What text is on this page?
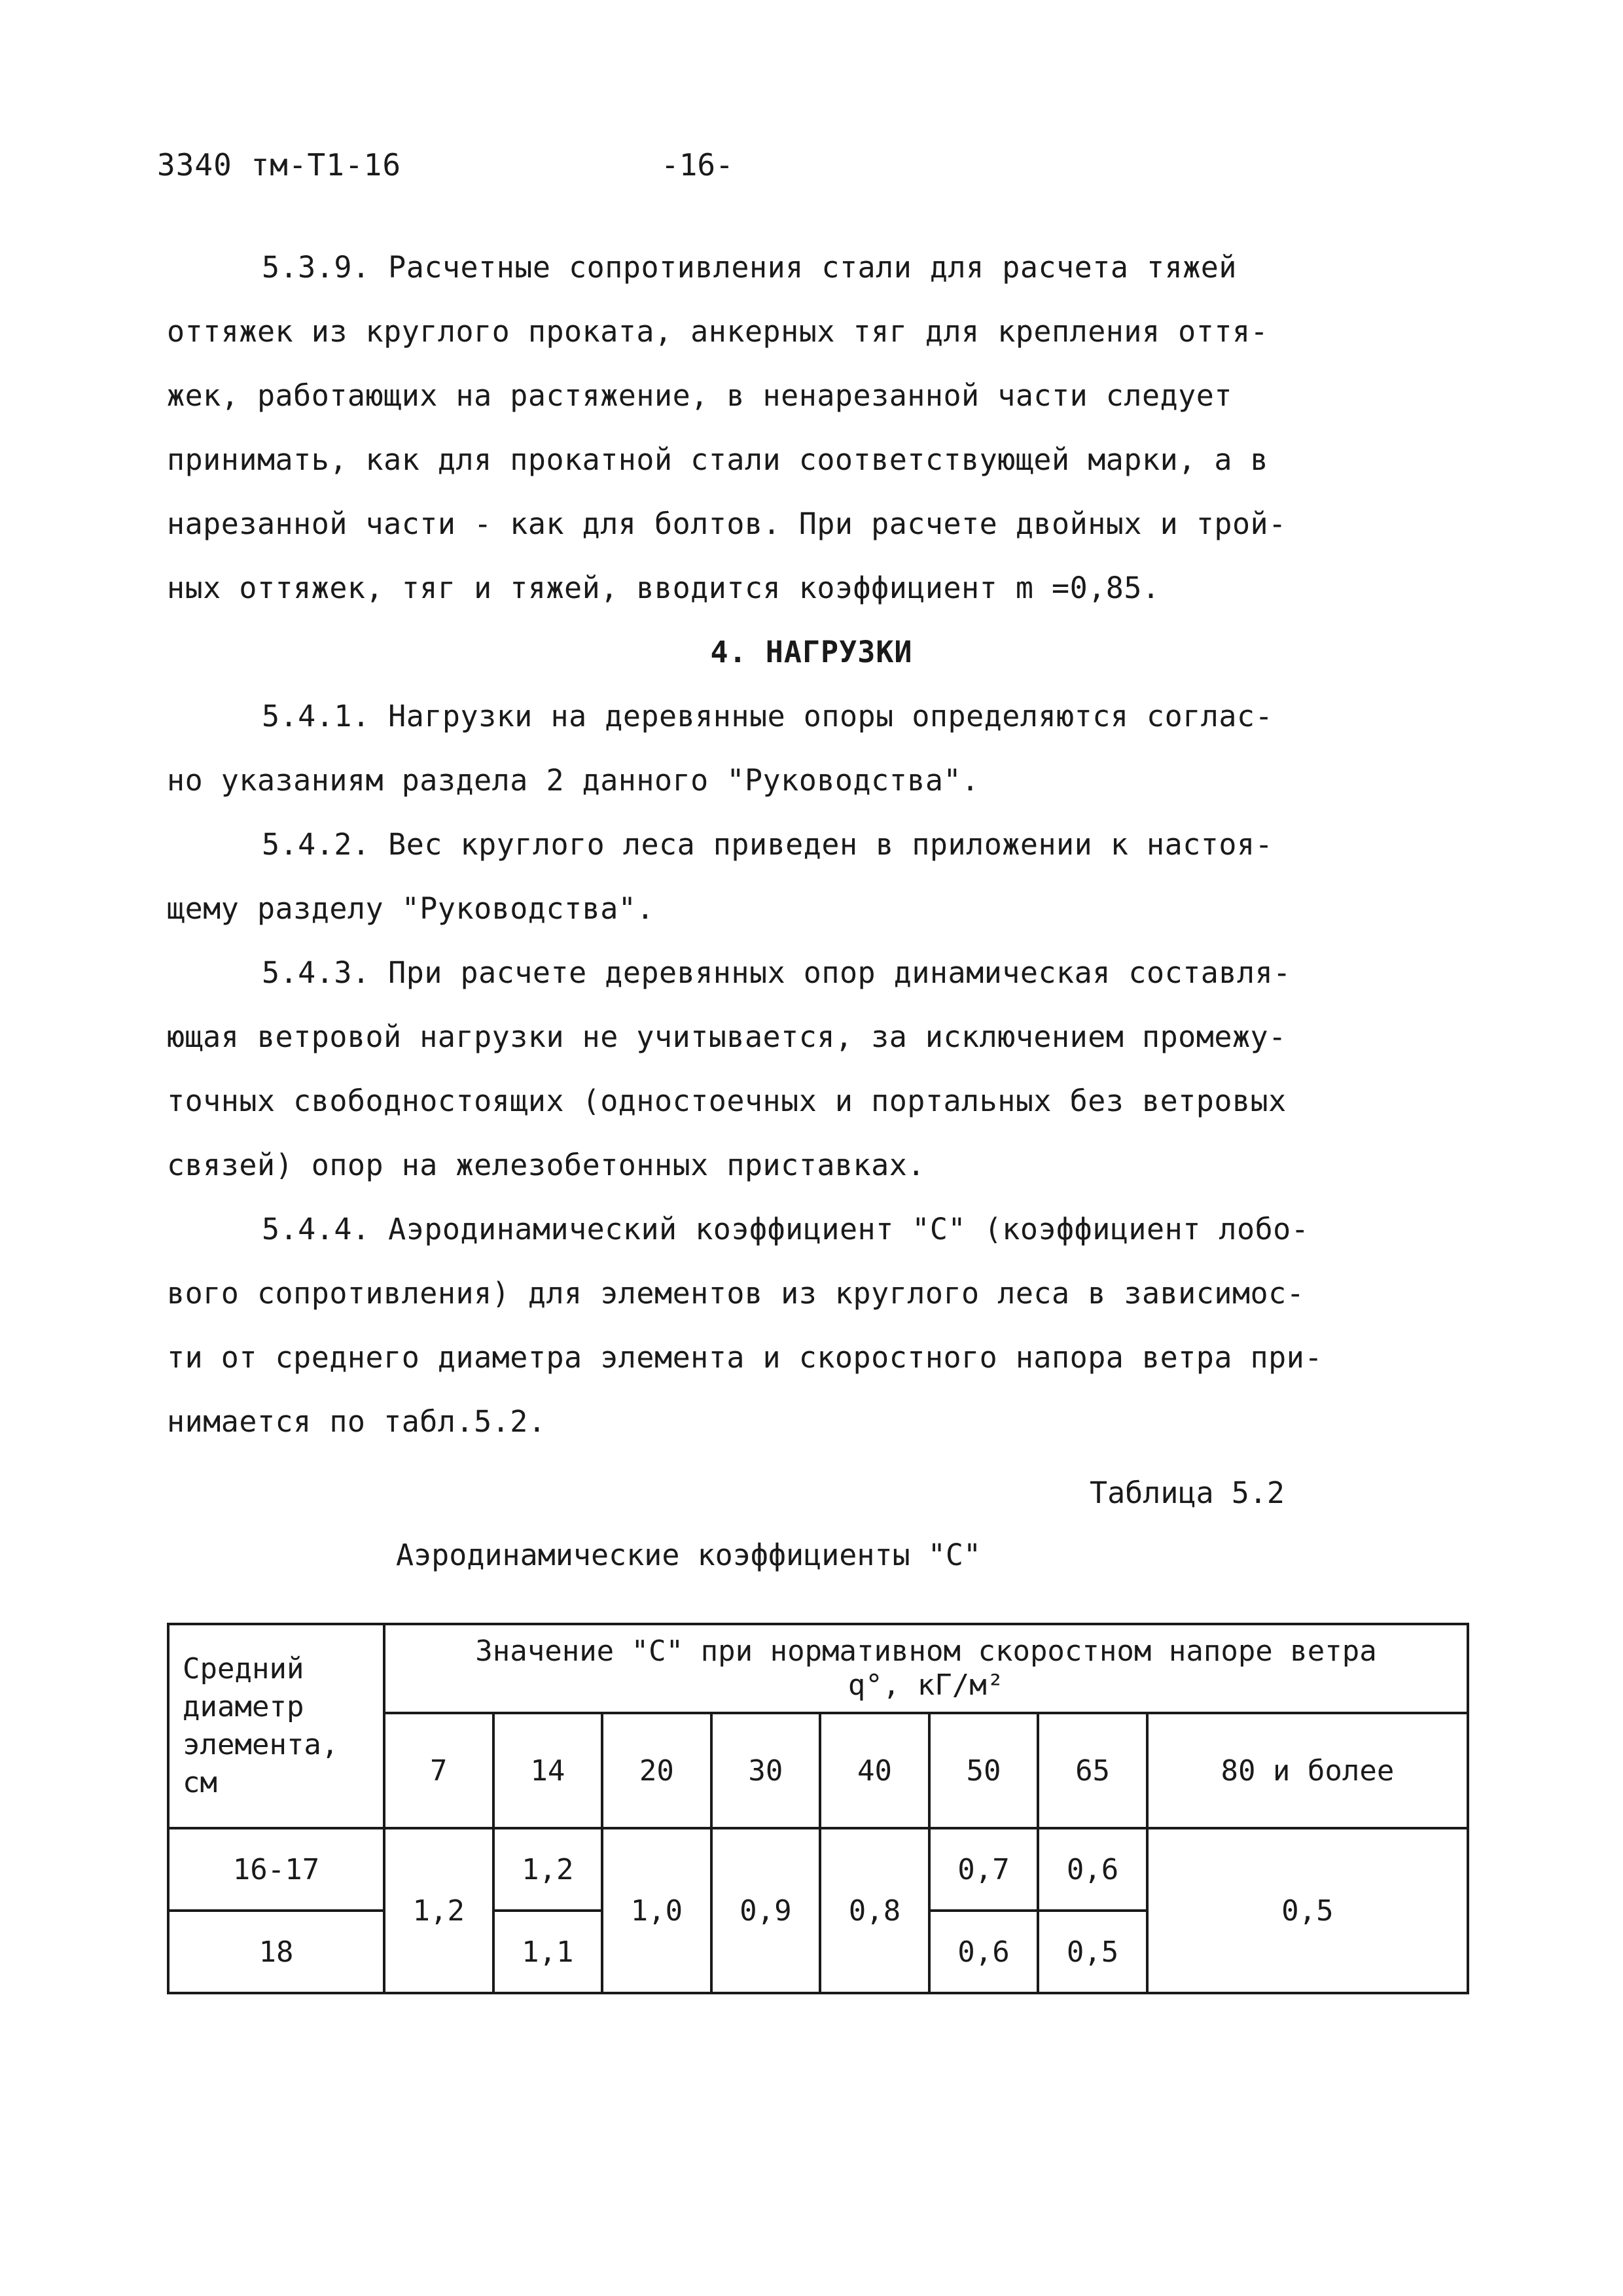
3340 тм-Т1-16	-16-
5.3.9. Расчетные сопротивления стали для расчета тяжей
оттяжек из круглого проката, анкерных тяг для крепления оття-
жек, работающих на растяжение, в ненарезанной части следует
принимать, как для прокатной стали соответствующей марки, а в
нарезанной части - как для болтов. При расчете двойных и трой-
ных оттяжек, тяг и тяжей, вводится коэффициент m =0,85.
4. НАГРУЗКИ
5.4.1. Нагрузки на деревянные опоры определяются соглас-
но указаниям раздела 2 данного "Руководства".
5.4.2. Вес круглого леса приведен в приложении к настоя-
щему разделу "Руководства".
5.4.3. При расчете деревянных опор динамическая составля-
ющая ветровой нагрузки не учитывается, за исключением промежу-
точных свободностоящих (одностоечных и портальных без ветровых
связей) опор на железобетонных приставках.
5.4.4. Аэродинамический коэффициент "С" (коэффициент лобо-
вого сопротивления) для элементов из круглого леса в зависимос-
ти от среднего диаметра элемента и скоростного напора ветра при-
нимается по табл.5.2.
Таблица 5.2
Аэродинамические коэффициенты "С"
Средний диаметр элемента, см	Значение "С" при нормативном скоростном напоре ветра
q°, кГ/м²							

	7	14	20	30	40	50	65	80 и более
16-17	1,2	1,2	1,0	0,9	0,8	0,7	0,6	0,5
18		1,1				0,6	0,5	
